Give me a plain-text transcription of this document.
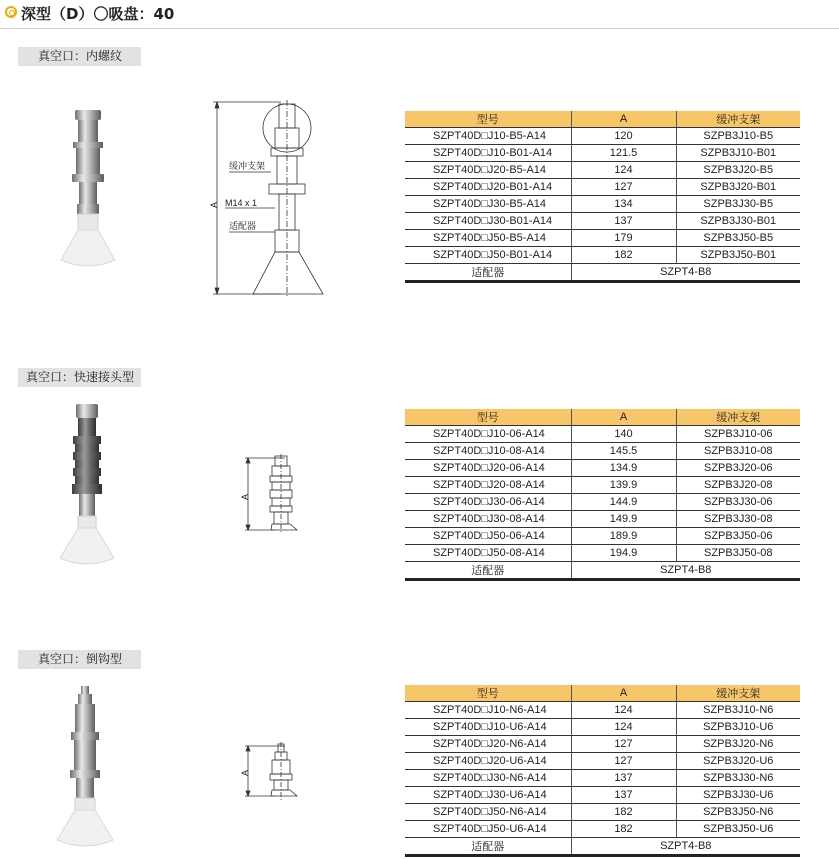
深型（D）〇吸盘：40
真空口：内螺纹
A
缓冲支架
M14 x 1
适配器
型号	A	缓冲支架
SZPT40D□J10-B5-A14	120	SZPB3J10-B5
SZPT40D□J10-B01-A14	121.5	SZPB3J10-B01
SZPT40D□J20-B5-A14	124	SZPB3J20-B5
SZPT40D□J20-B01-A14	127	SZPB3J20-B01
SZPT40D□J30-B5-A14	134	SZPB3J30-B5
SZPT40D□J30-B01-A14	137	SZPB3J30-B01
SZPT40D□J50-B5-A14	179	SZPB3J50-B5
SZPT40D□J50-B01-A14	182	SZPB3J50-B01
适配器	SZPT4-B8	
真空口：快速接头型
A
型号	A	缓冲支架
SZPT40D□J10-06-A14	140	SZPB3J10-06
SZPT40D□J10-08-A14	145.5	SZPB3J10-08
SZPT40D□J20-06-A14	134.9	SZPB3J20-06
SZPT40D□J20-08-A14	139.9	SZPB3J20-08
SZPT40D□J30-06-A14	144.9	SZPB3J30-06
SZPT40D□J30-08-A14	149.9	SZPB3J30-08
SZPT40D□J50-06-A14	189.9	SZPB3J50-06
SZPT40D□J50-08-A14	194.9	SZPB3J50-08
适配器	SZPT4-B8	
真空口：倒钩型
A
型号	A	缓冲支架
SZPT40D□J10-N6-A14	124	SZPB3J10-N6
SZPT40D□J10-U6-A14	124	SZPB3J10-U6
SZPT40D□J20-N6-A14	127	SZPB3J20-N6
SZPT40D□J20-U6-A14	127	SZPB3J20-U6
SZPT40D□J30-N6-A14	137	SZPB3J30-N6
SZPT40D□J30-U6-A14	137	SZPB3J30-U6
SZPT40D□J50-N6-A14	182	SZPB3J50-N6
SZPT40D□J50-U6-A14	182	SZPB3J50-U6
适配器	SZPT4-B8	
